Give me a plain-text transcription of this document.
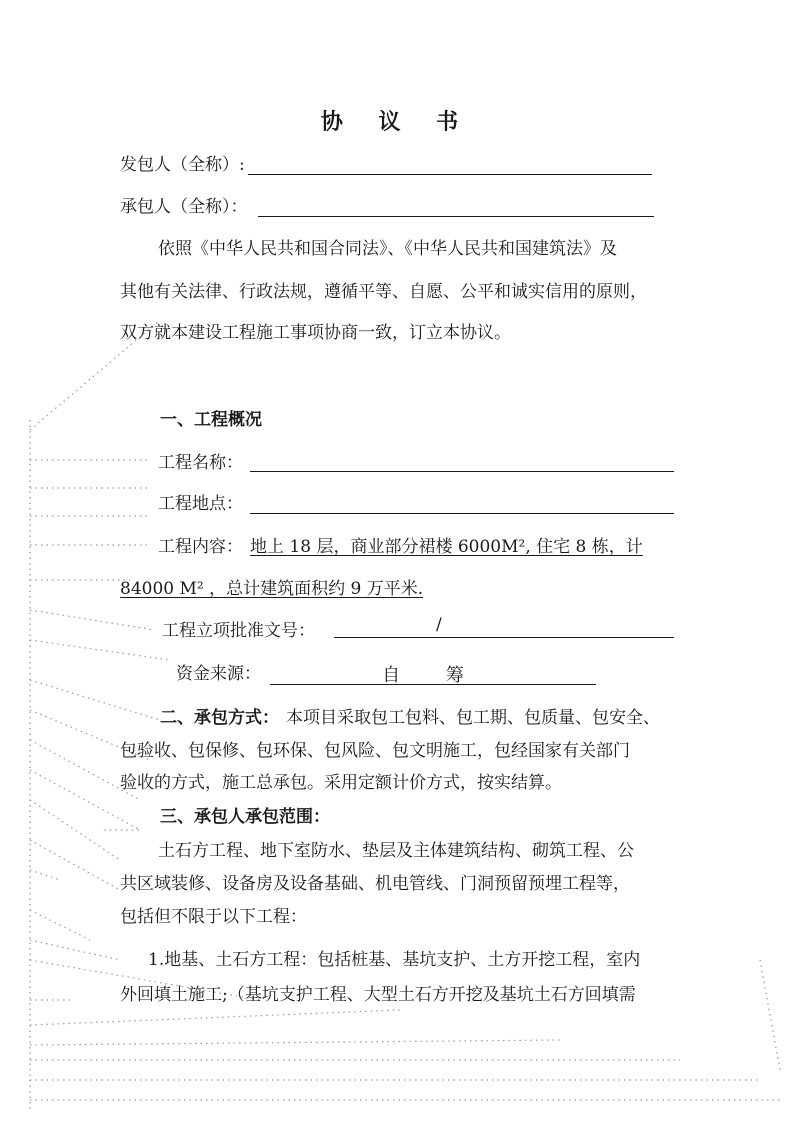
协 议 书
发包人（全称）:
承包人（全称）：
依照《中华人民共和国合同法》、《中华人民共和国建筑法》及
其他有关法律、行政法规，遵循平等、自愿、公平和诚实信用的原则，
双方就本建设工程施工事项协商一致，订立本协议。
一、工程概况
工程名称：
工程地点：
工程内容： 地上 18 层，商业部分裙楼 6000M², 住宅 8 栋，计
84000 M² ，总计建筑面积约 9 万平米.
工程立项批准文号：	/
资金来源：	自 筹
二、承包方式： 本项目采取包工包料、包工期、包质量、包安全、
包验收、包保修、包环保、包风险、包文明施工，包经国家有关部门
验收的方式，施工总承包。采用定额计价方式，按实结算。
三、承包人承包范围：
土石方工程、地下室防水、垫层及主体建筑结构、砌筑工程、公
共区域装修、设备房及设备基础、机电管线、门洞预留预埋工程等，
包括但不限于以下工程：
1.地基、土石方工程：包括桩基、基坑支护、土方开挖工程，室内
外回填土施工;（基坑支护工程、大型土石方开挖及基坑土石方回填需
